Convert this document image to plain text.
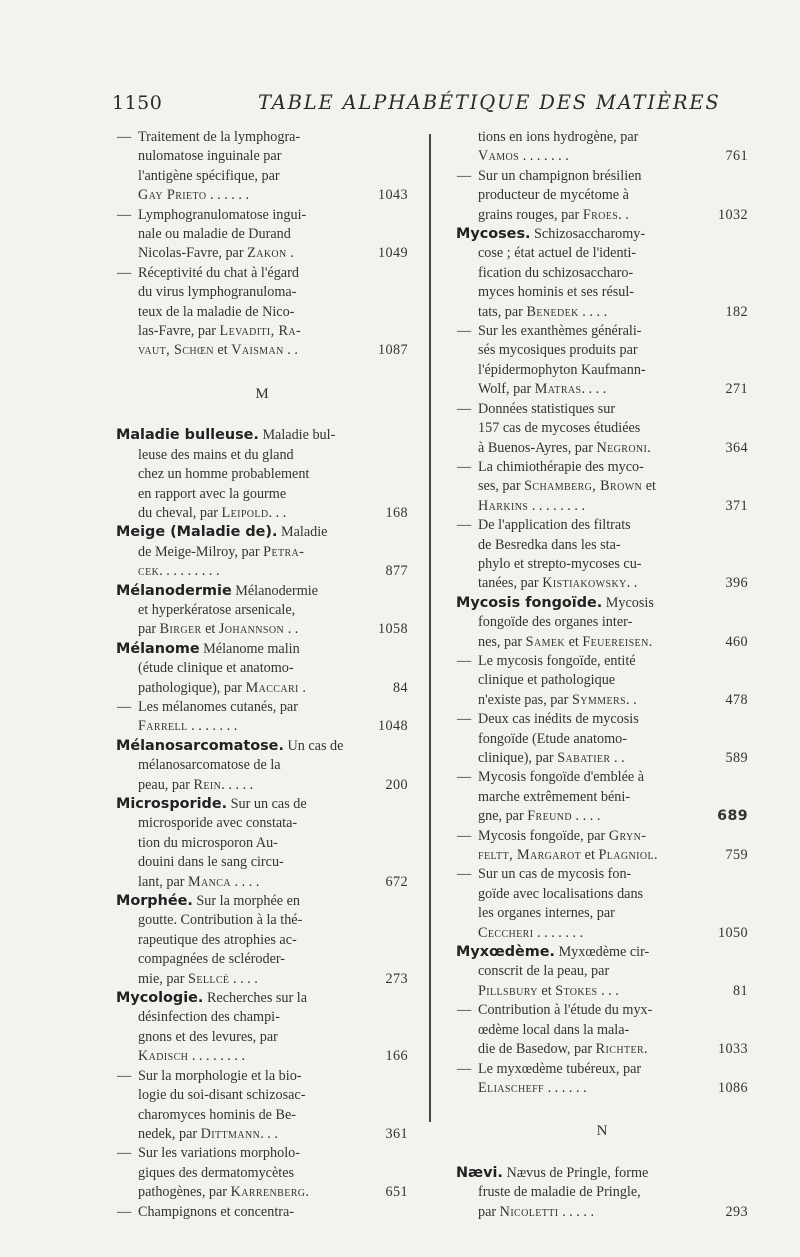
1150	TABLE ALPHABÉTIQUE DES MATIÈRES
— Traitement de la lymphogra-
nulomatose inguinale par
l'antigène spécifique, par
Gay Prieto . . . . . .	1043
— Lymphogranulomatose ingui-
nale ou maladie de Durand
Nicolas-Favre, par Zakon .	1049
— Réceptivité du chat à l'égard
du virus lymphogranuloma-
teux de la maladie de Nico-
las-Favre, par Levaditi, Ra-
vaut, Schœn et Vaisman . .	1087
M
Maladie bulleuse. Maladie bul-
leuse des mains et du gland
chez un homme probablement
en rapport avec la gourme
du cheval, par Leipold. . .	168
Meige (Maladie de). Maladie
de Meige-Milroy, par Petra-
cek. . . . . . . . .	877
Mélanodermie Mélanodermie
et hyperkératose arsenicale,
par Birger et Johannson . .	1058
Mélanome Mélanome malin
(étude clinique et anatomo-
pathologique), par Maccari .	84
— Les mélanomes cutanés, par
Farrell . . . . . . .	1048
Mélanosarcomatose. Un cas de
mélanosarcomatose de la
peau, par Rein. . . . .	200
Microsporide. Sur un cas de
microsporide avec constata-
tion du microsporon Au-
douini dans le sang circu-
lant, par Manca . . . .	672
Morphée. Sur la morphée en
goutte. Contribution à la thé-
rapeutique des atrophies ac-
compagnées de scléroder-
mie, par Sellcé . . . .	273
Mycologie. Recherches sur la
désinfection des champi-
gnons et des levures, par
Kadisch . . . . . . . .	166
— Sur la morphologie et la bio-
logie du soi-disant schizosac-
charomyces hominis de Be-
nedek, par Dittmann. . .	361
— Sur les variations morpholo-
giques des dermatomycètes
pathogènes, par Karrenberg.	651
— Champignons et concentra-
tions en ions hydrogène, par
Vamos . . . . . . .	761
— Sur un champignon brésilien
producteur de mycétome à
grains rouges, par Froes. .	1032
Mycoses. Schizosaccharomy-
cose ; état actuel de l'identi-
fication du schizosaccharo-
myces hominis et ses résul-
tats, par Benedek . . . .	182
— Sur les exanthèmes générali-
sés mycosiques produits par
l'épidermophyton Kaufmann-
Wolf, par Matras. . . .	271
— Données statistiques sur
157 cas de mycoses étudiées
à Buenos-Ayres, par Negroni.	364
— La chimiothérapie des myco-
ses, par Schamberg, Brown et
Harkins . . . . . . . .	371
— De l'application des filtrats
de Besredka dans les sta-
phylo et strepto-mycoses cu-
tanées, par Kistiakowsky. .	396
Mycosis fongoïde. Mycosis
fongoïde des organes inter-
nes, par Samek et Feuereisen.	460
— Le mycosis fongoïde, entité
clinique et pathologique
n'existe pas, par Symmers. .	478
— Deux cas inédits de mycosis
fongoïde (Etude anatomo-
clinique), par Sabatier . .	589
— Mycosis fongoïde d'emblée à
marche extrêmement béni-
gne, par Freund . . . .	689
— Mycosis fongoïde, par Gryn-
feltt, Margarot et Plagniol.	759
— Sur un cas de mycosis fon-
goïde avec localisations dans
les organes internes, par
Ceccheri . . . . . . .	1050
Myxœdème. Myxœdème cir-
conscrit de la peau, par
Pillsbury et Stokes . . .	81
— Contribution à l'étude du myx-
œdème local dans la mala-
die de Basedow, par Richter.	1033
— Le myxœdème tubéreux, par
Eliascheff . . . . . .	1086
N
Nævi. Nævus de Pringle, forme
fruste de maladie de Pringle,
par Nicoletti . . . . .	293
